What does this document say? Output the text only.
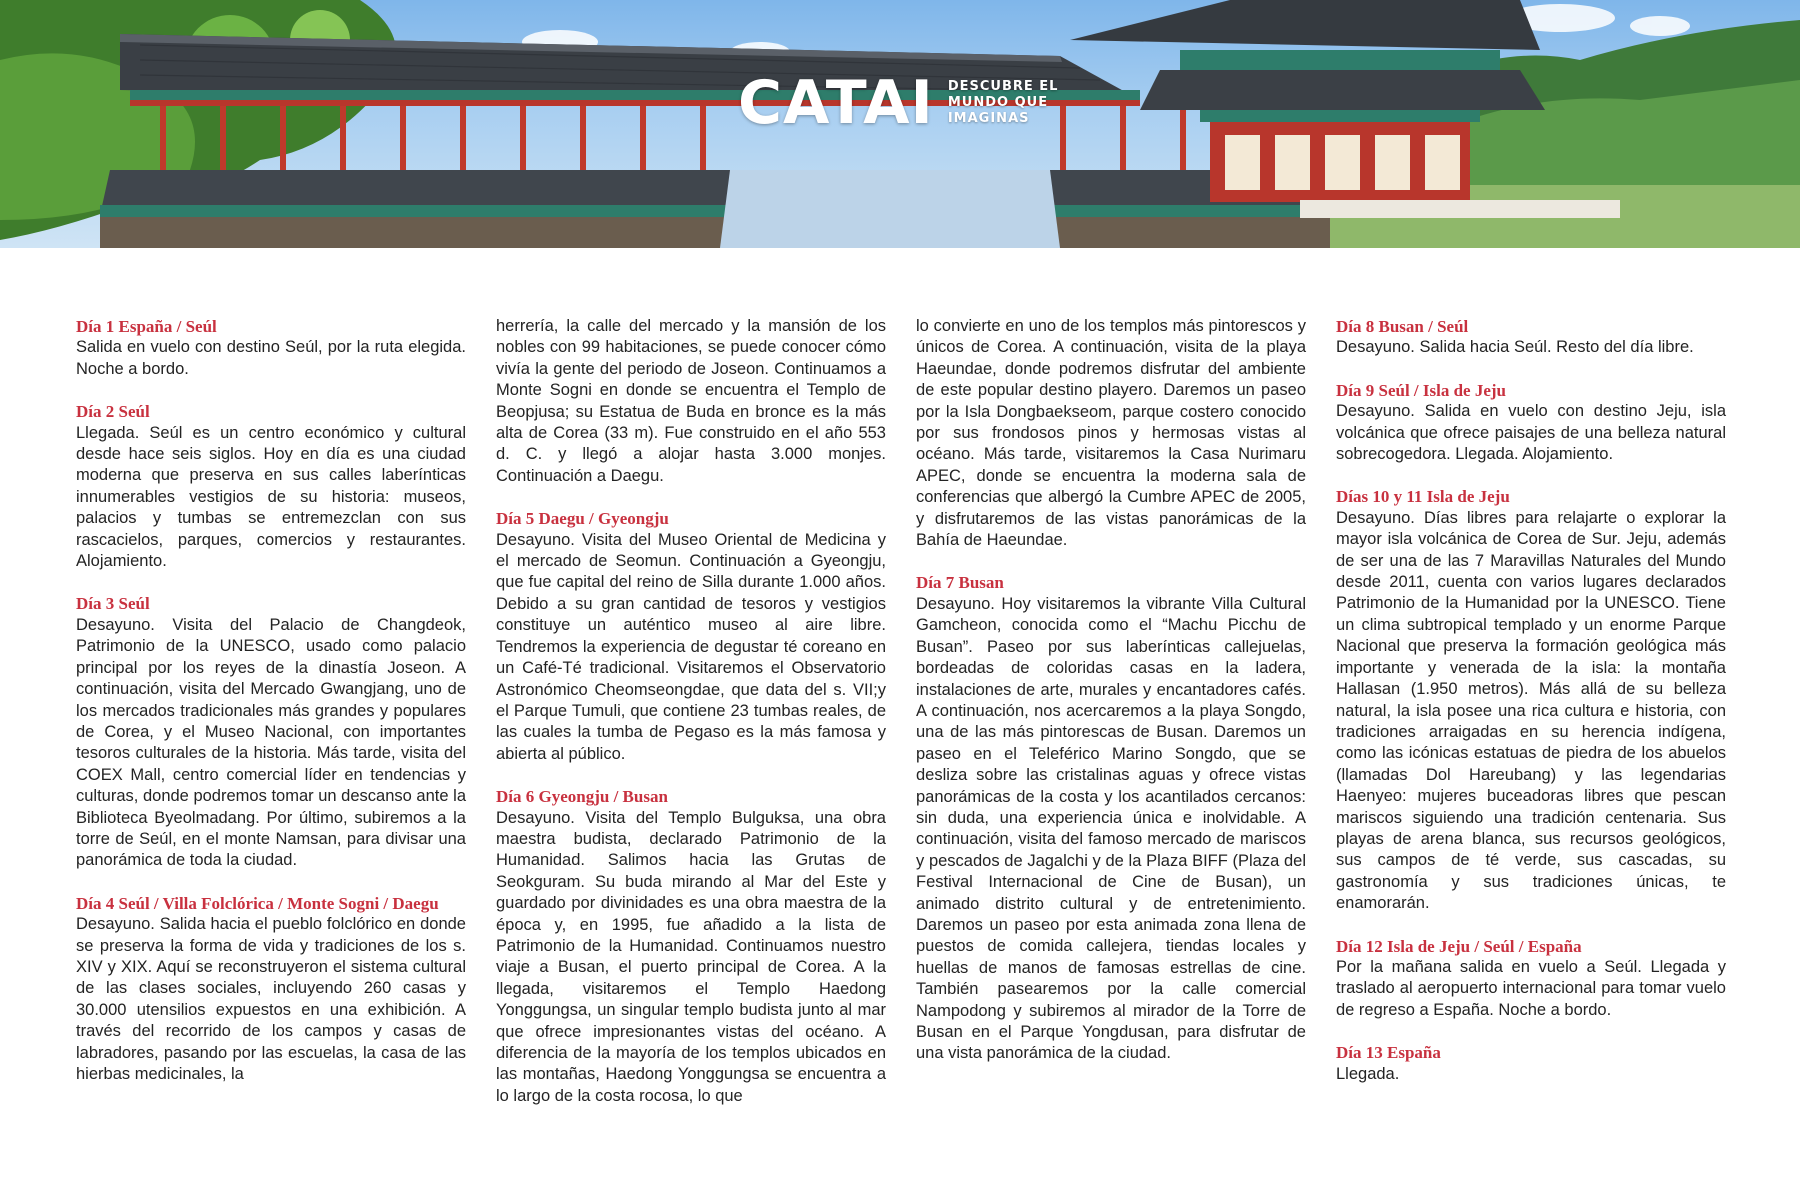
CATAI DESCUBRE EL
MUNDO QUE
IMAGINAS
Día 1 España / Seúl
Salida en vuelo con destino Seúl, por la ruta elegida. Noche a bordo.
Día 2 Seúl
Llegada. Seúl es un centro económico y cultural desde hace seis siglos. Hoy en día es una ciudad moderna que preserva en sus calles laberínticas innumerables vestigios de su historia: museos, palacios y tumbas se entremezclan con sus rascacielos, parques, comercios y restaurantes. Alojamiento.
Día 3 Seúl
Desayuno. Visita del Palacio de Changdeok, Patrimonio de la UNESCO, usado como palacio principal por los reyes de la dinastía Joseon. A continuación, visita del Mercado Gwangjang, uno de los mercados tradicionales más grandes y populares de Corea, y el Museo Nacional, con importantes tesoros culturales de la historia. Más tarde, visita del COEX Mall, centro comercial líder en tendencias y culturas, donde podremos tomar un descanso ante la Biblioteca Byeolmadang. Por último, subiremos a la torre de Seúl, en el monte Namsan, para divisar una panorámica de toda la ciudad.
Día 4 Seúl / Villa Folclórica / Monte Sogni / Daegu
Desayuno. Salida hacia el pueblo folclórico en donde se preserva la forma de vida y tradiciones de los s. XIV y XIX. Aquí se reconstruyeron el sistema cultural de las clases sociales, incluyendo 260 casas y 30.000 utensilios expuestos en una exhibición. A través del recorrido de los campos y casas de labradores, pasando por las escuelas, la casa de las hierbas medicinales, la
herrería, la calle del mercado y la mansión de los nobles con 99 habitaciones, se puede conocer cómo vivía la gente del periodo de Joseon. Continuamos a Monte Sogni en donde se encuentra el Templo de Beopjusa; su Estatua de Buda en bronce es la más alta de Corea (33 m). Fue construido en el año 553 d. C. y llegó a alojar hasta 3.000 monjes. Continuación a Daegu.
Día 5 Daegu / Gyeongju
Desayuno. Visita del Museo Oriental de Medicina y el mercado de Seomun. Continuación a Gyeongju, que fue capital del reino de Silla durante 1.000 años. Debido a su gran cantidad de tesoros y vestigios constituye un auténtico museo al aire libre. Tendremos la experiencia de degustar té coreano en un Café-Té tradicional. Visitaremos el Observatorio Astronómico Cheomseongdae, que data del s. VII;y el Parque Tumuli, que contiene 23 tumbas reales, de las cuales la tumba de Pegaso es la más famosa y abierta al público.
Día 6 Gyeongju / Busan
Desayuno. Visita del Templo Bulguksa, una obra maestra budista, declarado Patrimonio de la Humanidad. Salimos hacia las Grutas de Seokguram. Su buda mirando al Mar del Este y guardado por divinidades es una obra maestra de la época y, en 1995, fue añadido a la lista de Patrimonio de la Humanidad. Continuamos nuestro viaje a Busan, el puerto principal de Corea. A la llegada, visitaremos el Templo Haedong Yonggungsa, un singular templo budista junto al mar que ofrece impresionantes vistas del océano. A diferencia de la mayoría de los templos ubicados en las montañas, Haedong Yonggungsa se encuentra a lo largo de la costa rocosa, lo que
lo convierte en uno de los templos más pintorescos y únicos de Corea. A continuación, visita de la playa Haeundae, donde podremos disfrutar del ambiente de este popular destino playero. Daremos un paseo por la Isla Dongbaekseom, parque costero conocido por sus frondosos pinos y hermosas vistas al océano. Más tarde, visitaremos la Casa Nurimaru APEC, donde se encuentra la moderna sala de conferencias que albergó la Cumbre APEC de 2005, y disfrutaremos de las vistas panorámicas de la Bahía de Haeundae.
Día 7 Busan
Desayuno. Hoy visitaremos la vibrante Villa Cultural Gamcheon, conocida como el “Machu Picchu de Busan”. Paseo por sus laberínticas callejuelas, bordeadas de coloridas casas en la ladera, instalaciones de arte, murales y encantadores cafés. A continuación, nos acercaremos a la playa Songdo, una de las más pintorescas de Busan. Daremos un paseo en el Teleférico Marino Songdo, que se desliza sobre las cristalinas aguas y ofrece vistas panorámicas de la costa y los acantilados cercanos: sin duda, una experiencia única e inolvidable. A continuación, visita del famoso mercado de mariscos y pescados de Jagalchi y de la Plaza BIFF (Plaza del Festival Internacional de Cine de Busan), un animado distrito cultural y de entretenimiento. Daremos un paseo por esta animada zona llena de puestos de comida callejera, tiendas locales y huellas de manos de famosas estrellas de cine. También pasearemos por la calle comercial Nampodong y subiremos al mirador de la Torre de Busan en el Parque Yongdusan, para disfrutar de una vista panorámica de la ciudad.
Día 8 Busan / Seúl
Desayuno. Salida hacia Seúl. Resto del día libre.
Día 9 Seúl / Isla de Jeju
Desayuno. Salida en vuelo con destino Jeju, isla volcánica que ofrece paisajes de una belleza natural sobrecogedora. Llegada. Alojamiento.
Días 10 y 11 Isla de Jeju
Desayuno. Días libres para relajarte o explorar la mayor isla volcánica de Corea de Sur. Jeju, además de ser una de las 7 Maravillas Naturales del Mundo desde 2011, cuenta con varios lugares declarados Patrimonio de la Humanidad por la UNESCO. Tiene un clima subtropical templado y un enorme Parque Nacional que preserva la formación geológica más importante y venerada de la isla: la montaña Hallasan (1.950 metros). Más allá de su belleza natural, la isla posee una rica cultura e historia, con tradiciones arraigadas en su herencia indígena, como las icónicas estatuas de piedra de los abuelos (llamadas Dol Hareubang) y las legendarias Haenyeo: mujeres buceadoras libres que pescan mariscos siguiendo una tradición centenaria. Sus playas de arena blanca, sus recursos geológicos, sus campos de té verde, sus cascadas, su gastronomía y sus tradiciones únicas, te enamorarán.
Día 12 Isla de Jeju / Seúl / España
Por la mañana salida en vuelo a Seúl. Llegada y traslado al aeropuerto internacional para tomar vuelo de regreso a España. Noche a bordo.
Día 13 España
Llegada.
